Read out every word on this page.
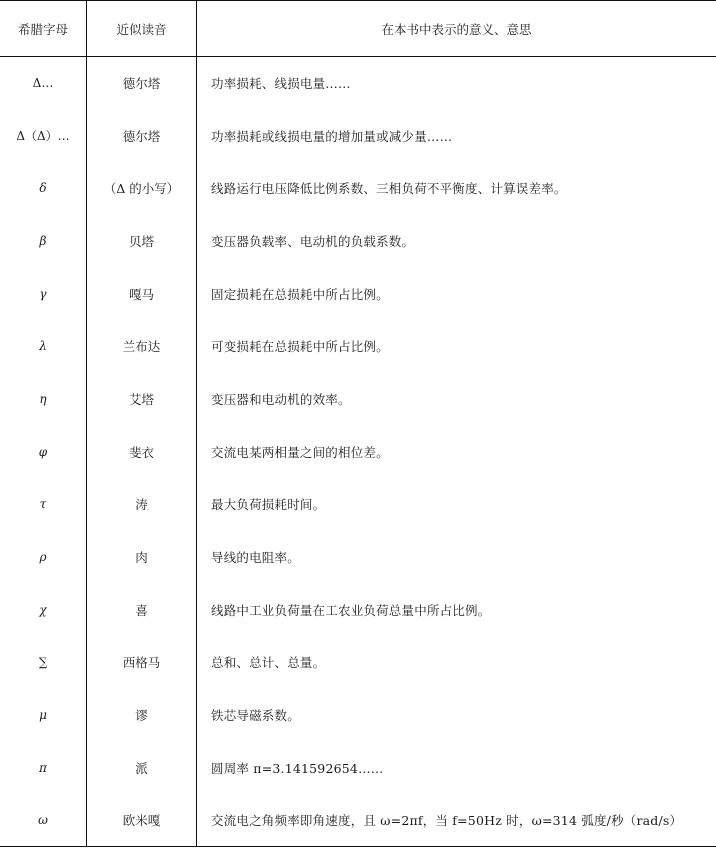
希腊字母	近似读音	在本书中表示的意义、意思
Δ…	德尔塔	功率损耗、线损电量……
Δ（Δ）…	德尔塔	功率损耗或线损电量的增加量或减少量……
δ	（Δ 的小写）	线路运行电压降低比例系数、三相负荷不平衡度、计算误差率。
β	贝塔	变压器负载率、电动机的负载系数。
γ	嘎马	固定损耗在总损耗中所占比例。
λ	兰布达	可变损耗在总损耗中所占比例。
η	艾塔	变压器和电动机的效率。
φ	斐衣	交流电某两相量之间的相位差。
τ	涛	最大负荷损耗时间。
ρ	肉	导线的电阻率。
χ	喜	线路中工业负荷量在工农业负荷总量中所占比例。
∑	西格马	总和、总计、总量。
μ	谬	铁芯导磁系数。
π	派	圆周率 π=3.141592654……
ω	欧米嘎	交流电之角频率即角速度，且 ω=2πf，当 f=50Hz 时，ω=314 弧度/秒（rad/s）
